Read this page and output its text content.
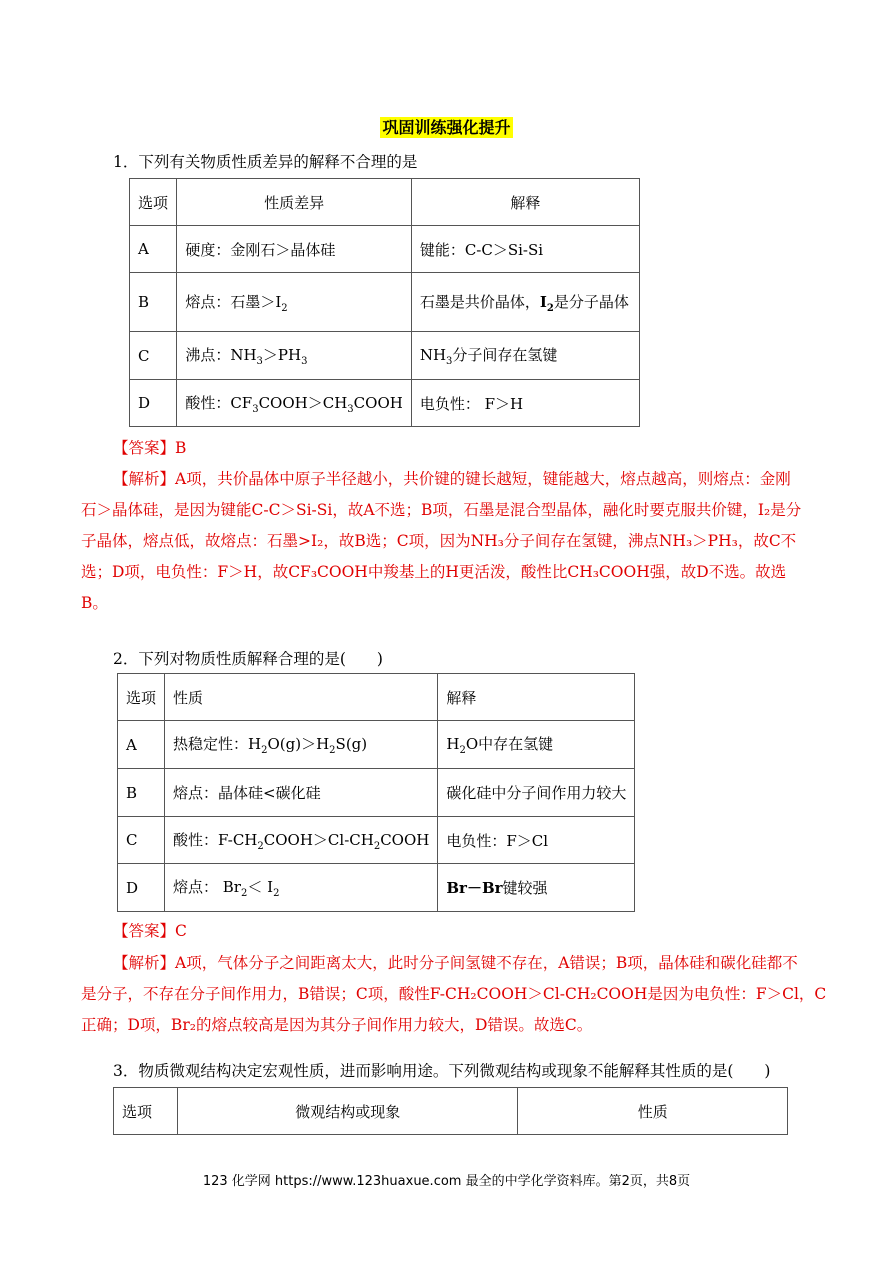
巩固训练强化提升
1．下列有关物质性质差异的解释不合理的是
选项	性质差异	解释
A	硬度：金刚石＞晶体硅	键能：C-C＞Si-Si
B	熔点：石墨$>I_2$	石墨是共价晶体，$I_2$是分子晶体
C	沸点：$NH_3>PH_3$	$NH_3$分子间存在氢键
D	酸性：$CF_3COOH>CH_3COOH$	电负性： F＞H
【答案】B

【解析】A项，共价晶体中原子半径越小，共价键的键长越短，键能越大，熔点越高，则熔点：金刚

石＞晶体硅，是因为键能C-C＞Si-Si，故A不选；B项，石墨是混合型晶体，融化时要克服共价键，I₂是分

子晶体，熔点低，故熔点：石墨>I₂，故B选；C项，因为NH₃分子间存在氢键，沸点NH₃＞PH₃，故C不

选；D项，电负性：F＞H，故CF₃COOH中羧基上的H更活泼，酸性比CH₃COOH强，故D不选。故选

B。

2．下列对物质性质解释合理的是(　　)
选项	性质	解释
A	热稳定性：$H_2O(g)>H_2S(g)$	$H_2O$中存在氢键
B	熔点：晶体硅<碳化硅	碳化硅中分子间作用力较大
C	酸性：$F-CH_2COOH>Cl-CH_2COOH$	电负性：F＞Cl
D	熔点： $Br_2< I_2$	Br－Br键较强
【答案】C

【解析】A项，气体分子之间距离太大，此时分子间氢键不存在，A错误；B项，晶体硅和碳化硅都不

是分子，不存在分子间作用力，B错误；C项，酸性F-CH₂COOH＞Cl-CH₂COOH是因为电负性：F＞Cl，C

正确；D项，Br₂的熔点较高是因为其分子间作用力较大，D错误。故选C。

3．物质微观结构决定宏观性质，进而影响用途。下列微观结构或现象不能解释其性质的是(　　)
选项	微观结构或现象	性质
123 化学网 https://www.123huaxue.com 最全的中学化学资料库。第2页，共8页
